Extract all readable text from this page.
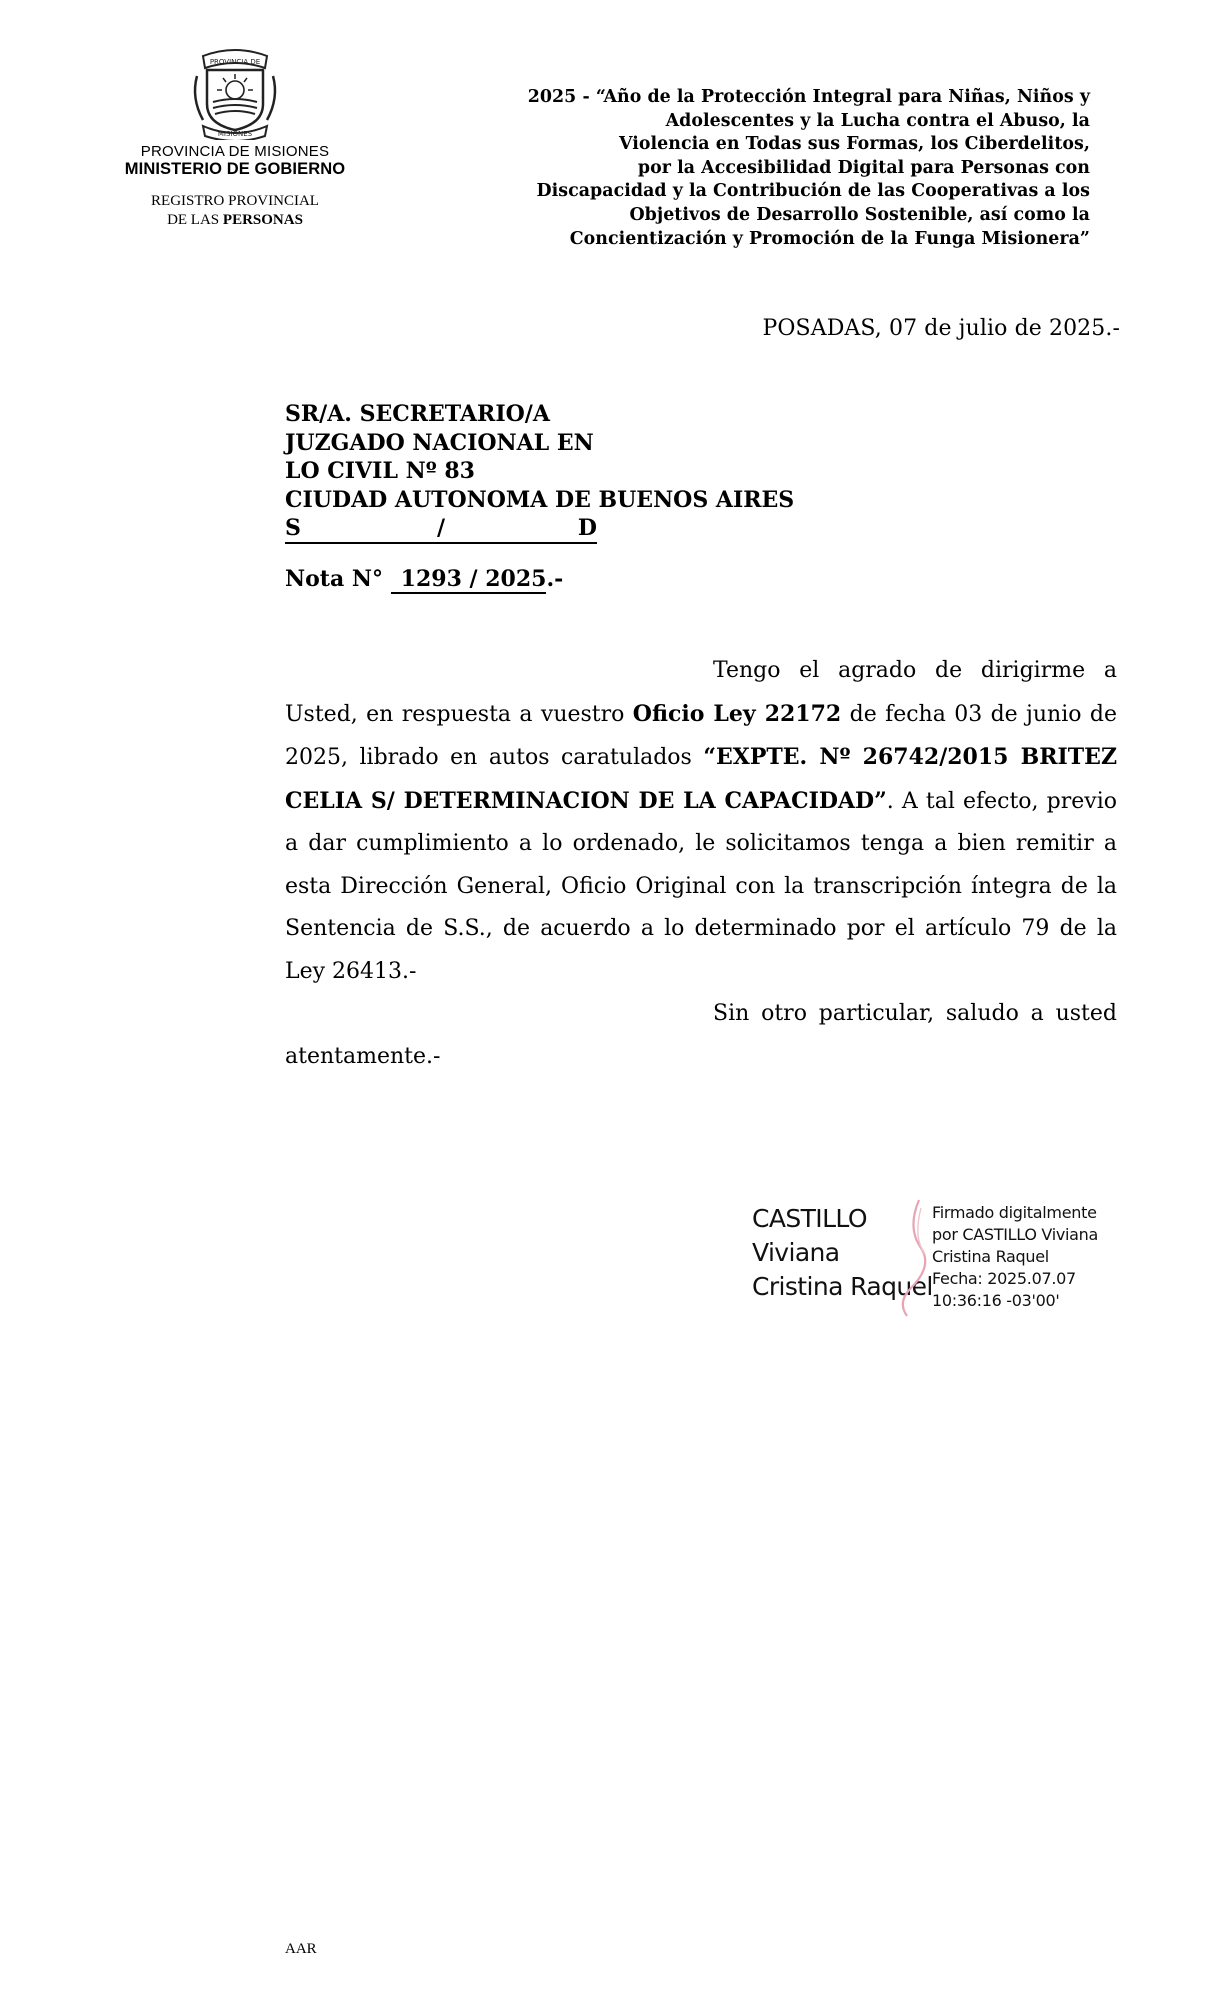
PROVINCIA DE
MISIONES
PROVINCIA DE MISIONES
MINISTERIO DE GOBIERNO
REGISTRO PROVINCIAL
DE LAS PERSONAS
2025 - “Año de la Protección Integral para Niñas, Niños y
Adolescentes y la Lucha contra el Abuso, la
Violencia en Todas sus Formas, los Ciberdelitos,
por la Accesibilidad Digital para Personas con
Discapacidad y la Contribución de las Cooperativas a los
Objetivos de Desarrollo Sostenible, así como la
Concientización y Promoción de la Funga Misionera”
POSADAS, 07 de julio de 2025.-
SR/A. SECRETARIO/A
JUZGADO NACIONAL EN
LO CIVIL Nº 83
CIUDAD AUTONOMA DE BUENOS AIRES
S	/	D
Nota N° 1293 / 2025.-

Tengo el agrado de dirigirme a Usted, en respuesta a vuestro Oficio Ley 22172 de fecha 03 de junio de 2025, librado en autos caratulados “EXPTE. Nº 26742/2015 BRITEZ CELIA S/ DETERMINACION DE LA CAPACIDAD”. A tal efecto, previo a dar cumplimiento a lo ordenado, le solicitamos tenga a bien remitir a esta Dirección General, Oficio Original con la transcripción íntegra de la Sentencia de S.S., de acuerdo a lo determinado por el artículo 79 de la Ley 26413.-

Sin otro particular, saludo a usted atentamente.-

CASTILLO
Viviana
Cristina Raquel
Firmado digitalmente
por CASTILLO Viviana
Cristina Raquel
Fecha: 2025.07.07
10:36:16 -03'00'
AAR
